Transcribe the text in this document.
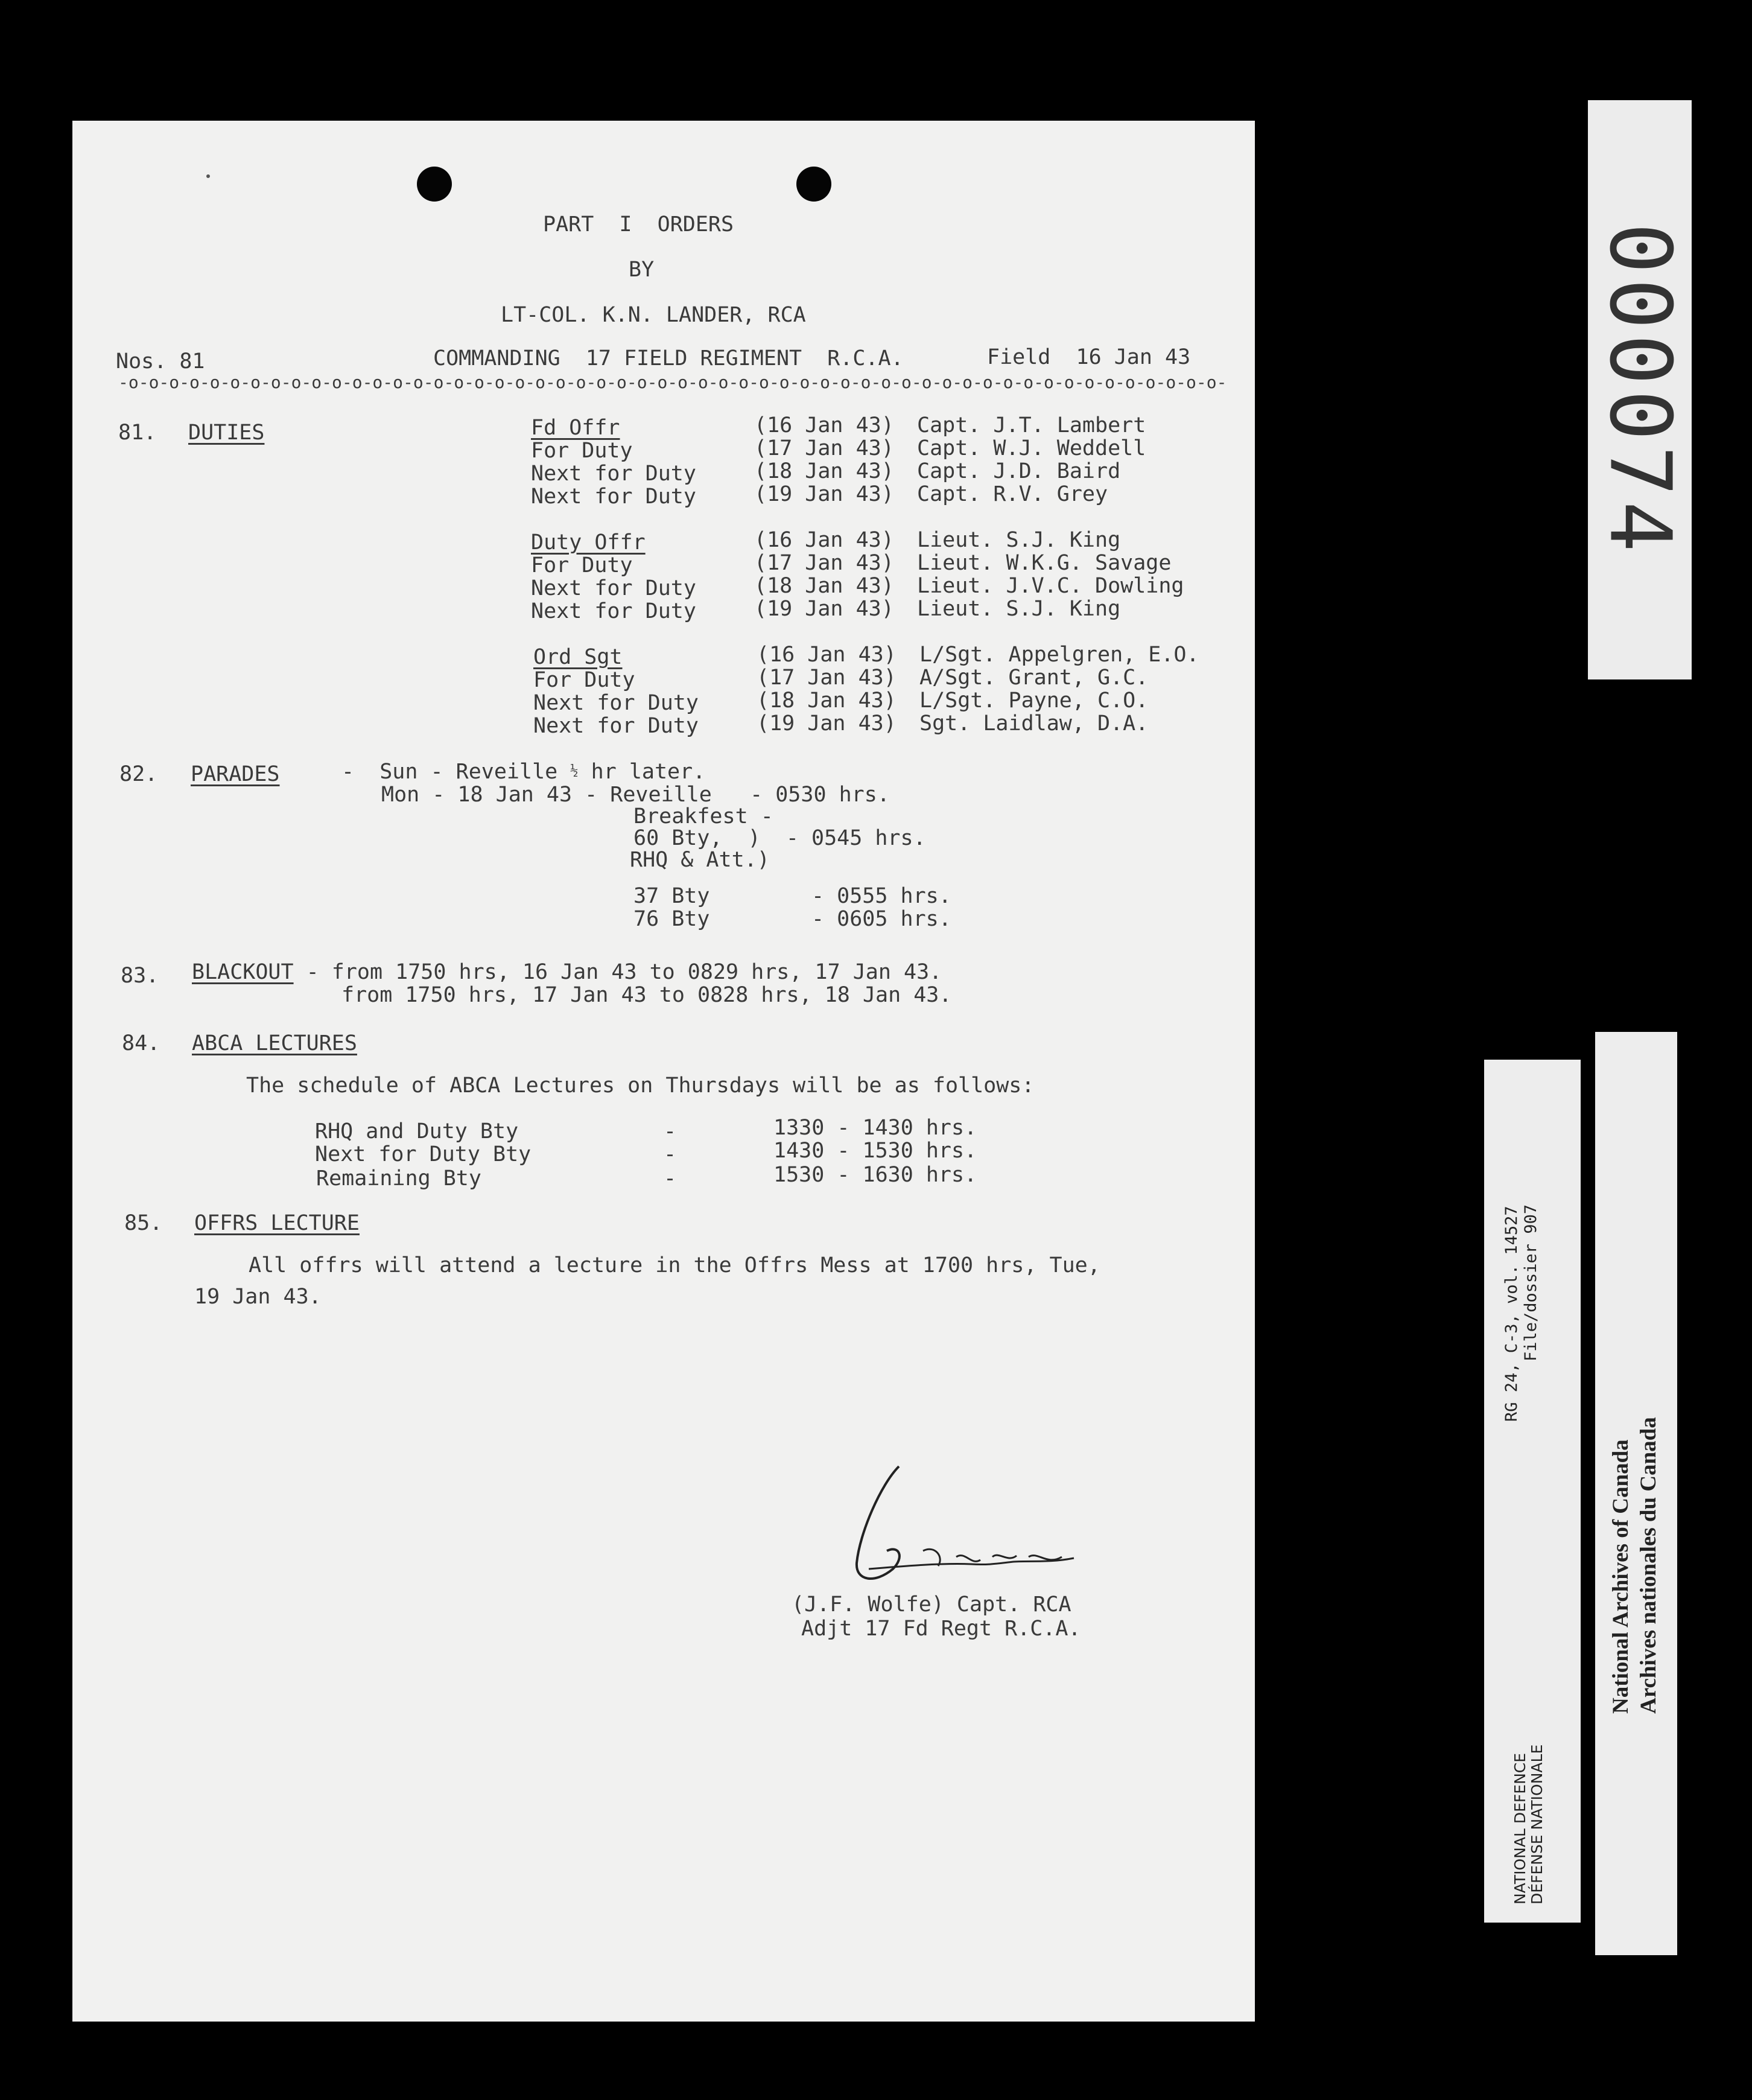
PART  I  ORDERS
BY
LT-COL. K.N. LANDER, RCA
Nos. 81	COMMANDING  17 FIELD REGIMENT  R.C.A.	Field  16 Jan 43
-o-o-o-o-o-o-o-o-o-o-o-o-o-o-o-o-o-o-o-o-o-o-o-o-o-o-o-o-o-o-o-o-o-o-o-o-o-o-o-o-o-o-o-o-o-o-o-o-o-o-o-o-o-o-
81. DUTIES	Fd Offr	(16 Jan 43) Capt. J.T. Lambert
For Duty	(17 Jan 43) Capt. W.J. Weddell
Next for Duty	(18 Jan 43) Capt. J.D. Baird
Next for Duty	(19 Jan 43) Capt. R.V. Grey
Duty Offr	(16 Jan 43) Lieut. S.J. King
For Duty	(17 Jan 43) Lieut. W.K.G. Savage
Next for Duty	(18 Jan 43) Lieut. J.V.C. Dowling
Next for Duty	(19 Jan 43) Lieut. S.J. King
Ord Sgt	(16 Jan 43) L/Sgt. Appelgren, E.O.
For Duty	(17 Jan 43) A/Sgt. Grant, G.C.
Next for Duty	(18 Jan 43) L/Sgt. Payne, C.O.
Next for Duty	(19 Jan 43) Sgt. Laidlaw, D.A.
82. PARADES	-  Sun - Reveille ½ hr later.
Mon - 18 Jan 43 - Reveille   - 0530 hrs.
Breakfest -
60 Bty,  )  - 0545 hrs.
RHQ & Att.)
37 Bty        - 0555 hrs.
76 Bty        - 0605 hrs.
83. BLACKOUT - from 1750 hrs, 16 Jan 43 to 0829 hrs, 17 Jan 43.
from 1750 hrs, 17 Jan 43 to 0828 hrs, 18 Jan 43.
84. ABCA LECTURES
The schedule of ABCA Lectures on Thursdays will be as follows:
RHQ and Duty Bty	-	1330 - 1430 hrs.
Next for Duty Bty	-	1430 - 1530 hrs.
Remaining Bty	-	1530 - 1630 hrs.
85. OFFRS LECTURE
All offrs will attend a lecture in the Offrs Mess at 1700 hrs, Tue,
19 Jan 43.
(J.F. Wolfe) Capt. RCA
Adjt 17 Fd Regt R.C.A.
000074
RG 24, C-3, vol. 14527 File/dossier 907
NATIONAL DEFENCE DÉFENSE NATIONALE
National Archives of Canada Archives nationales du Canada
